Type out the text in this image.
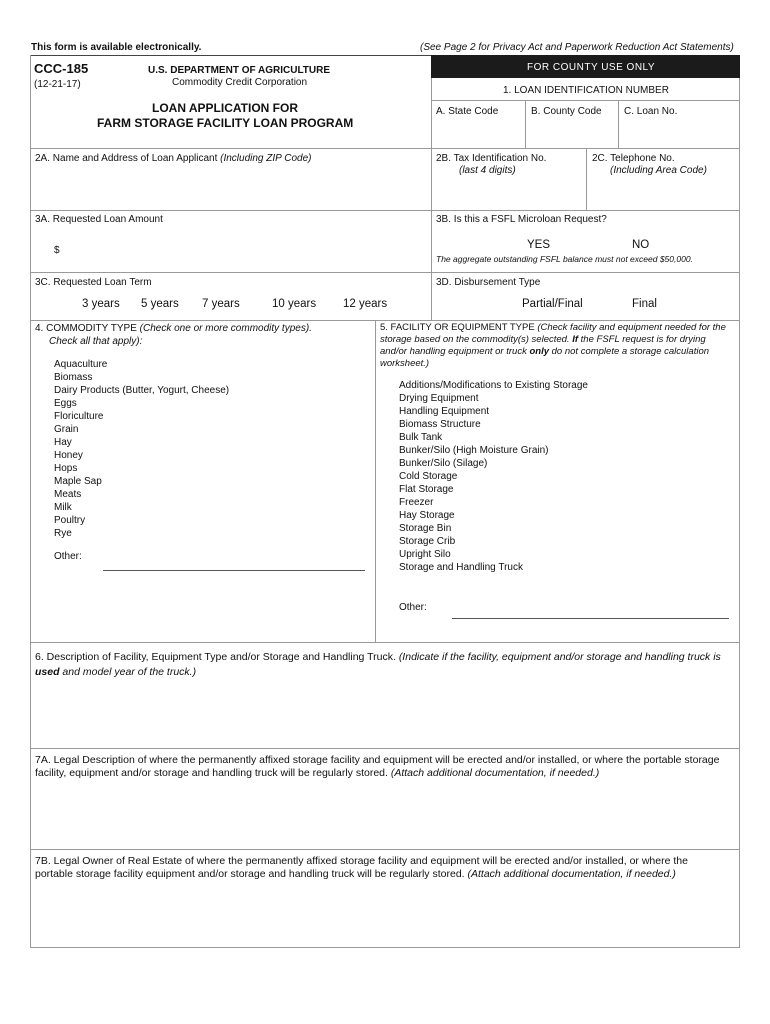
This form is available electronically.	(See Page 2 for Privacy Act and Paperwork Reduction Act Statements)
CCC-185
(12-21-17)
U.S. DEPARTMENT OF AGRICULTURE
Commodity Credit Corporation
LOAN APPLICATION FOR
FARM STORAGE FACILITY LOAN PROGRAM
FOR COUNTY USE ONLY
1. LOAN IDENTIFICATION NUMBER
A. State Code	B. County Code C. Loan No.
2A. Name and Address of Loan Applicant (Including ZIP Code)	2B. Tax Identification No.
(last 4 digits)
2C. Telephone No.
(Including Area Code)
3A. Requested Loan Amount
$
3B. Is this a FSFL Microloan Request?
YES	NO
The aggregate outstanding FSFL balance must not exceed $50,000.
3C. Requested Loan Term
3 years 5 years 7 years	10 years 12 years
3D. Disbursement Type
Partial/Final	Final
4. COMMODITY TYPE (Check one or more commodity types).
Check all that apply):
Aquaculture
Biomass
Dairy Products (Butter, Yogurt, Cheese)
Eggs
Floriculture
Grain
Hay
Honey
Hops
Maple Sap
Meats
Milk
Poultry
Rye
Other:
5. FACILITY OR EQUIPMENT TYPE (Check facility and equipment needed for the storage based on the commodity(s) selected. If the FSFL request is for drying and/or handling equipment or truck only do not complete a storage calculation worksheet.)
Additions/Modifications to Existing Storage
Drying Equipment
Handling Equipment
Biomass Structure
Bulk Tank
Bunker/Silo (High Moisture Grain)
Bunker/Silo (Silage)
Cold Storage
Flat Storage
Freezer
Hay Storage
Storage Bin
Storage Crib
Upright Silo
Storage and Handling Truck
Other:
6. Description of Facility, Equipment Type and/or Storage and Handling Truck. (Indicate if the facility, equipment and/or storage and handling truck is used and model year of the truck.)
7A. Legal Description of where the permanently affixed storage facility and equipment will be erected and/or installed, or where the portable storage facility, equipment and/or storage and handling truck will be regularly stored. (Attach additional documentation, if needed.)
7B. Legal Owner of Real Estate of where the permanently affixed storage facility and equipment will be erected and/or installed, or where the portable storage facility equipment and/or storage and handling truck will be regularly stored. (Attach additional documentation, if needed.)
